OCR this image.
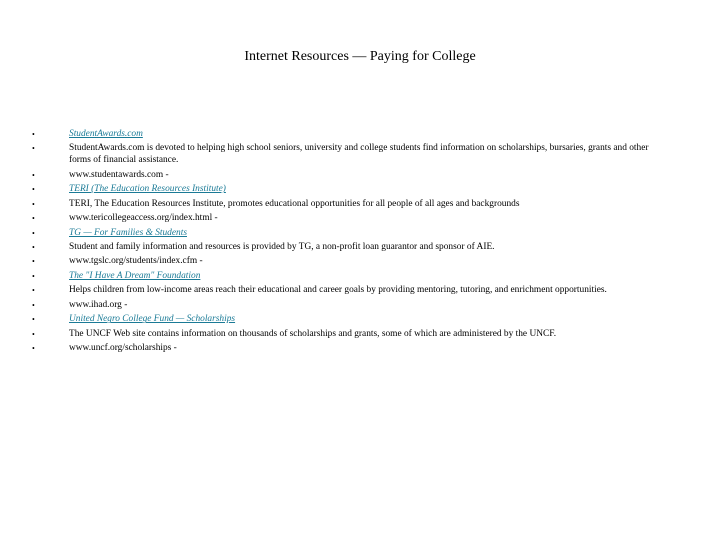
Internet Resources — Paying for College
•	StudentAwards.com
•	StudentAwards.com is devoted to helping high school seniors, university and college students find information on scholarships, bursaries, grants and other forms of financial assistance.
•	www.studentawards.com -
•	TERI (The Education Resources Institute)
•	TERI, The Education Resources Institute, promotes educational opportunities for all people of all ages and backgrounds
•	www.tericollegeaccess.org/index.html -
•	TG — For Families & Students
•	Student and family information and resources is provided by TG, a non-profit loan guarantor and sponsor of AIE.
•	www.tgslc.org/students/index.cfm -
•	The "I Have A Dream" Foundation
•	Helps children from low-income areas reach their educational and career goals by providing mentoring, tutoring, and enrichment opportunities.
•	www.ihad.org -
•	United Negro College Fund — Scholarships
•	The UNCF Web site contains information on thousands of scholarships and grants, some of which are administered by the UNCF.
•	www.uncf.org/scholarships -
